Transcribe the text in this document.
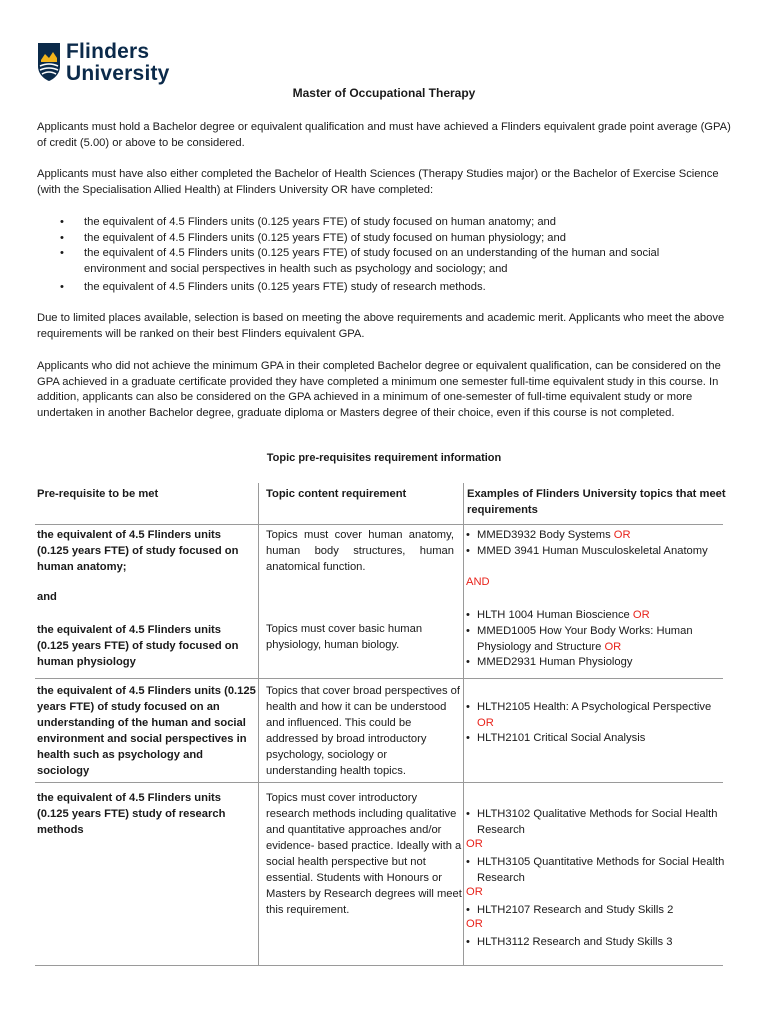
Flinders
University
Master of Occupational Therapy

Applicants must hold a Bachelor degree or equivalent qualification and must have achieved a Flinders equivalent grade point average (GPA) of credit (5.00) or above to be considered.

Applicants must have also either completed the Bachelor of Health Sciences (Therapy Studies major) or the Bachelor of Exercise Science (with the Specialisation Allied Health) at Flinders University OR have completed:

• the equivalent of 4.5 Flinders units (0.125 years FTE) of study focused on human anatomy; and
• the equivalent of 4.5 Flinders units (0.125 years FTE) of study focused on human physiology; and
• the equivalent of 4.5 Flinders units (0.125 years FTE) of study focused on an understanding of the human and social environment and social perspectives in health such as psychology and sociology; and
• the equivalent of 4.5 Flinders units (0.125 years FTE) study of research methods.

Due to limited places available, selection is based on meeting the above requirements and academic merit. Applicants who meet the above requirements will be ranked on their best Flinders equivalent GPA.

Applicants who did not achieve the minimum GPA in their completed Bachelor degree or equivalent qualification, can be considered on the GPA achieved in a graduate certificate provided they have completed a minimum one semester full-time equivalent study in this course. In addition, applicants can also be considered on the GPA achieved in a minimum of one-semester of full-time equivalent study or more undertaken in another Bachelor degree, graduate diploma or Masters degree of their choice, even if this course is not completed.

Topic pre-requisites requirement information
Pre-requisite to be met	Topic content requirement	Examples of Flinders University topics that meet requirements
the equivalent of 4.5 Flinders units (0.125 years FTE) of study focused on human anatomy;
and
the equivalent of 4.5 Flinders units (0.125 years FTE) of study focused on human physiology
Topics must cover human anatomy, human body structures, human anatomical function.
Topics must cover basic human physiology, human biology.
• MMED3932 Body Systems OR
• MMED 3941 Human Musculoskeletal Anatomy
AND
• HLTH 1004 Human Bioscience OR
• MMED1005 How Your Body Works: Human Physiology and Structure OR
• MMED2931 Human Physiology
the equivalent of 4.5 Flinders units (0.125 years FTE) of study focused on an understanding of the human and social environment and social perspectives in health such as psychology and sociology
Topics that cover broad perspectives of health and how it can be understood and influenced. This could be addressed by broad introductory psychology, sociology or understanding health topics.
• HLTH2105 Health: A Psychological Perspective
OR
• HLTH2101 Critical Social Analysis
the equivalent of 4.5 Flinders units (0.125 years FTE) study of research methods
Topics must cover introductory research methods including qualitative and quantitative approaches and/or evidence- based practice. Ideally with a social health perspective but not essential. Students with Honours or Masters by Research degrees will meet this requirement.
• HLTH3102 Qualitative Methods for Social Health Research
OR
• HLTH3105 Quantitative Methods for Social Health Research
OR
• HLTH2107 Research and Study Skills 2
OR
• HLTH3112 Research and Study Skills 3
